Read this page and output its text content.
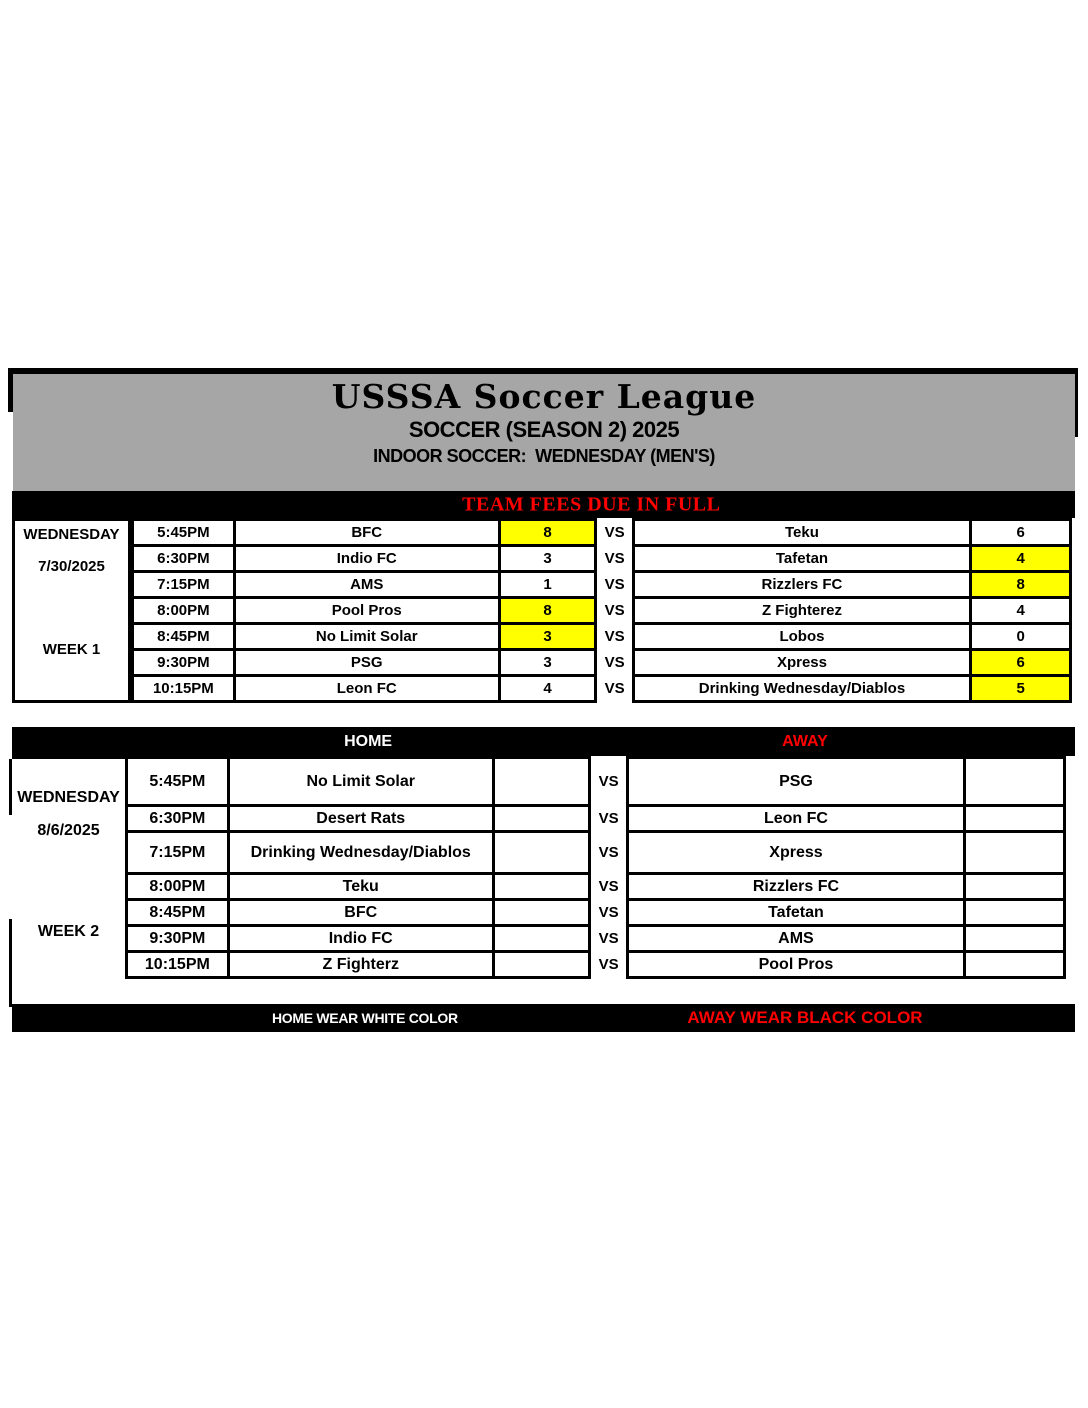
USSSA Soccer League
SOCCER (SEASON 2) 2025
INDOOR SOCCER:  WEDNESDAY (MEN'S)
TEAM FEES DUE IN FULL
WEDNESDAY
7/30/2025
WEEK 1
5:45PM	BFC	8	VS	Teku	6
6:30PM	Indio FC	3	VS	Tafetan	4
7:15PM	AMS	1	VS	Rizzlers FC	8
8:00PM	Pool Pros	8	VS	Z Fighterez	4
8:45PM	No Limit Solar	3	VS	Lobos	0
9:30PM	PSG	3	VS	Xpress	6
10:15PM	Leon FC	4	VS	Drinking Wednesday/Diablos	5
HOME	AWAY
WEDNESDAY
8/6/2025
WEEK 2
5:45PM	No Limit Solar		VS	PSG	
6:30PM	Desert Rats		VS	Leon FC	
7:15PM	Drinking Wednesday/Diablos		VS	Xpress	
8:00PM	Teku		VS	Rizzlers FC	
8:45PM	BFC		VS	Tafetan	
9:30PM	Indio FC		VS	AMS	
10:15PM	Z Fighterz		VS	Pool Pros	
HOME WEAR WHITE COLOR	AWAY WEAR BLACK COLOR
